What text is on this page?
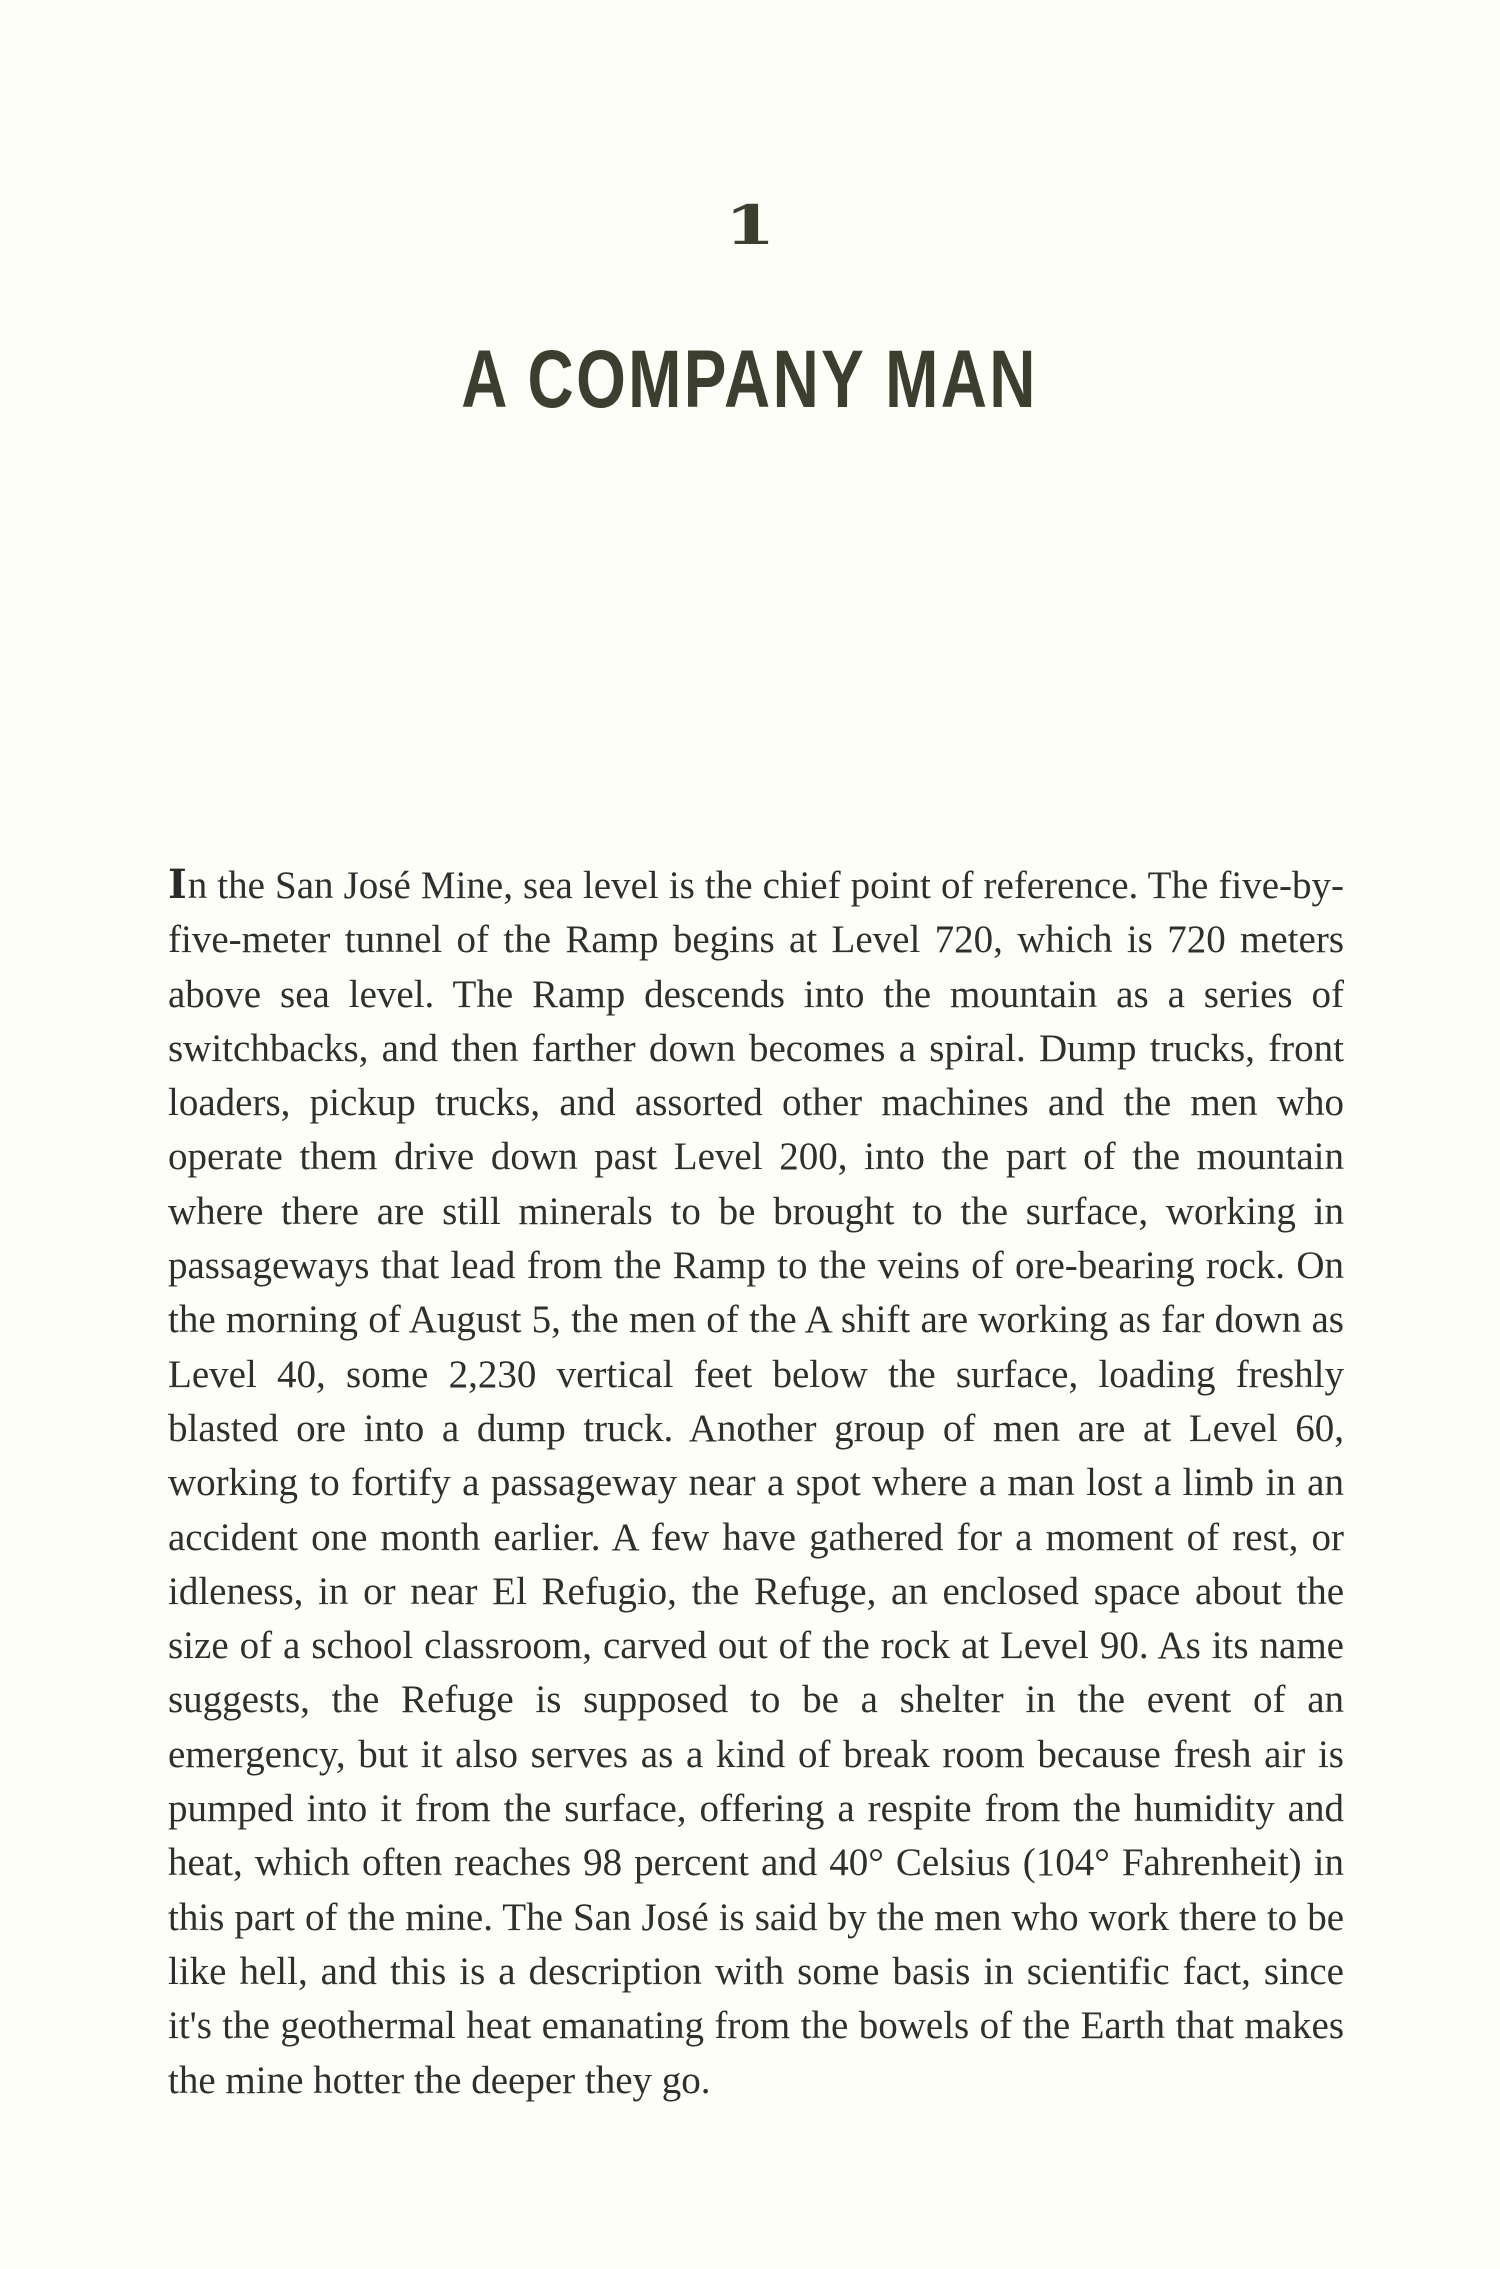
1
A COMPANY MAN

In the San José Mine, sea level is the chief point of reference. The five-by-five-meter tunnel of the Ramp begins at Level 720, which is 720 meters above sea level. The Ramp descends into the mountain as a series of switchbacks, and then farther down becomes a spiral. Dump trucks, front loaders, pickup trucks, and assorted other machines and the men who operate them drive down past Level 200, into the part of the mountain where there are still minerals to be brought to the surface, working in passageways that lead from the Ramp to the veins of ore-bearing rock. On the morning of August 5, the men of the A shift are working as far down as Level 40, some 2,230 vertical feet below the surface, loading freshly blasted ore into a dump truck. Another group of men are at Level 60, working to fortify a passageway near a spot where a man lost a limb in an accident one month earlier. A few have gathered for a moment of rest, or idleness, in or near El Refugio, the Refuge, an enclosed space about the size of a school classroom, carved out of the rock at Level 90. As its name suggests, the Refuge is supposed to be a shelter in the event of an emergency, but it also serves as a kind of break room because fresh air is pumped into it from the surface, offering a respite from the humidity and heat, which often reaches 98 percent and 40° Celsius (104° Fahrenheit) in this part of the mine. The San José is said by the men who work there to be like hell, and this is a description with some basis in scientific fact, since it's the geothermal heat emanating from the bowels of the Earth that makes the mine hotter the deeper they go.
